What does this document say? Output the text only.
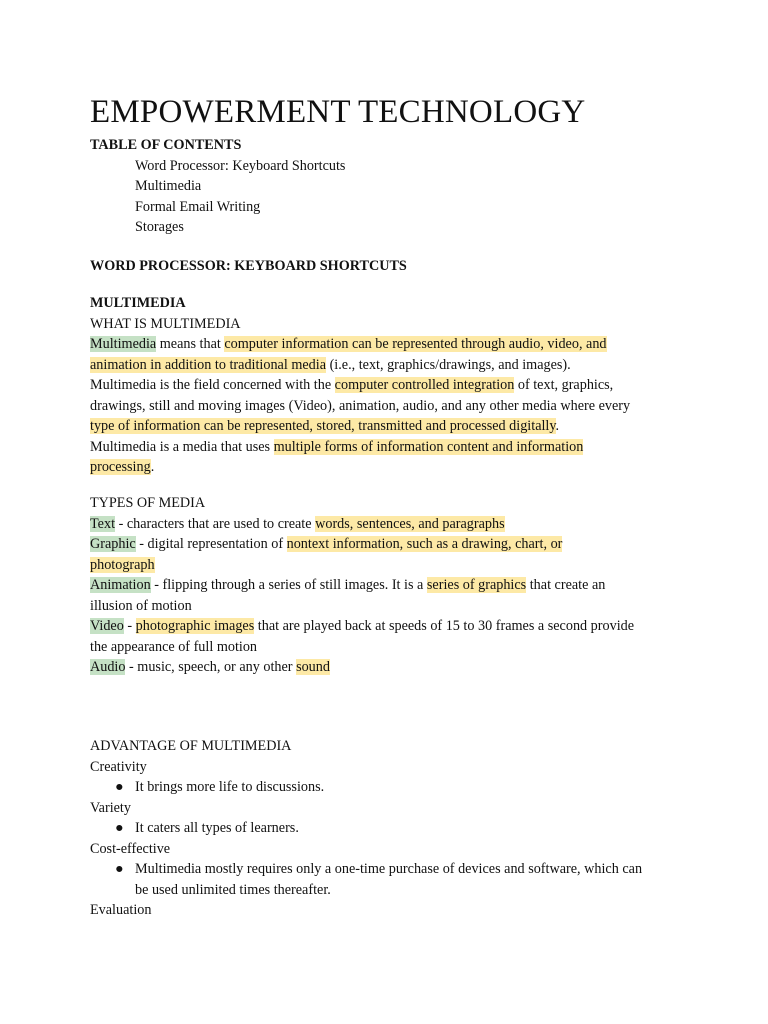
EMPOWERMENT TECHNOLOGY
TABLE OF CONTENTS
Word Processor: Keyboard Shortcuts
Multimedia
Formal Email Writing
Storages
WORD PROCESSOR: KEYBOARD SHORTCUTS
MULTIMEDIA
WHAT IS MULTIMEDIA
Multimedia means that computer information can be represented through audio, video, and
animation in addition to traditional media (i.e., text, graphics/drawings, and images).
Multimedia is the field concerned with the computer controlled integration of text, graphics,
drawings, still and moving images (Video), animation, audio, and any other media where every
type of information can be represented, stored, transmitted and processed digitally.
Multimedia is a media that uses multiple forms of information content and information
processing.
TYPES OF MEDIA
Text - characters that are used to create words, sentences, and paragraphs
Graphic - digital representation of nontext information, such as a drawing, chart, or
photograph
Animation - flipping through a series of still images. It is a series of graphics that create an
illusion of motion
Video - photographic images that are played back at speeds of 15 to 30 frames a second provide
the appearance of full motion
Audio - music, speech, or any other sound
ADVANTAGE OF MULTIMEDIA
Creativity
● It brings more life to discussions.
Variety
● It caters all types of learners.
Cost-effective
● Multimedia mostly requires only a one-time purchase of devices and software, which can
be used unlimited times thereafter.
Evaluation
